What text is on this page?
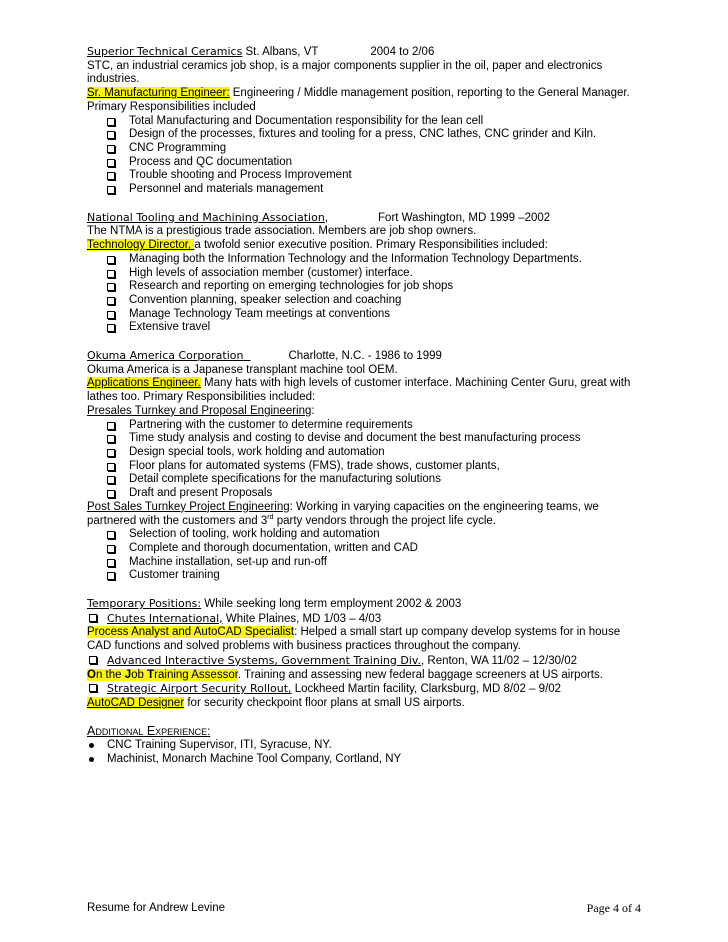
Superior Technical Ceramics St. Albans, VT	2004 to 2/06
STC, an industrial ceramics job shop, is a major components supplier in the oil, paper and electronics industries.
Sr. Manufacturing Engineer: Engineering / Middle management position, reporting to the General Manager. Primary Responsibilities included
Total Manufacturing and Documentation responsibility for the lean cell
Design of the processes, fixtures and tooling for a press, CNC lathes, CNC grinder and Kiln.
CNC Programming
Process and QC documentation
Trouble shooting and Process Improvement
Personnel and materials management
National Tooling and Machining Association,	Fort Washington, MD 1999 –2002
The NTMA is a prestigious trade association. Members are job shop owners.
Technology Director, a twofold senior executive position. Primary Responsibilities included:
Managing both the Information Technology and the Information Technology Departments.
High levels of association member (customer) interface.
Research and reporting on emerging technologies for job shops
Convention planning, speaker selection and coaching
Manage Technology Team meetings at conventions
Extensive travel
Okuma America Corporation	Charlotte, N.C. - 1986 to 1999
Okuma America is a Japanese transplant machine tool OEM.
Applications Engineer. Many hats with high levels of customer interface. Machining Center Guru, great with lathes too. Primary Responsibilities included:
Presales Turnkey and Proposal Engineering:
Partnering with the customer to determine requirements
Time study analysis and costing to devise and document the best manufacturing process
Design special tools, work holding and automation
Floor plans for automated systems (FMS), trade shows, customer plants,
Detail complete specifications for the manufacturing solutions
Draft and present Proposals
Post Sales Turnkey Project Engineering: Working in varying capacities on the engineering teams, we partnered with the customers and 3rd party vendors through the project life cycle.
Selection of tooling, work holding and automation
Complete and thorough documentation, written and CAD
Machine installation, set-up and run-off
Customer training
Temporary Positions: While seeking long term employment 2002 & 2003
Chutes International, White Plaines, MD 1/03 – 4/03
Process Analyst and AutoCAD Specialist: Helped a small start up company develop systems for in house CAD functions and solved problems with business practices throughout the company.
Advanced Interactive Systems, Government Training Div., Renton, WA 11/02 – 12/30/02
On the Job Training Assessor. Training and assessing new federal baggage screeners at US airports.
Strategic Airport Security Rollout, Lockheed Martin facility, Clarksburg, MD 8/02 – 9/02
AutoCAD Designer for security checkpoint floor plans at small US airports.
Additional Experience:
CNC Training Supervisor, ITI, Syracuse, NY.
Machinist, Monarch Machine Tool Company, Cortland, NY
Resume for Andrew Levine	Page 4 of 4
